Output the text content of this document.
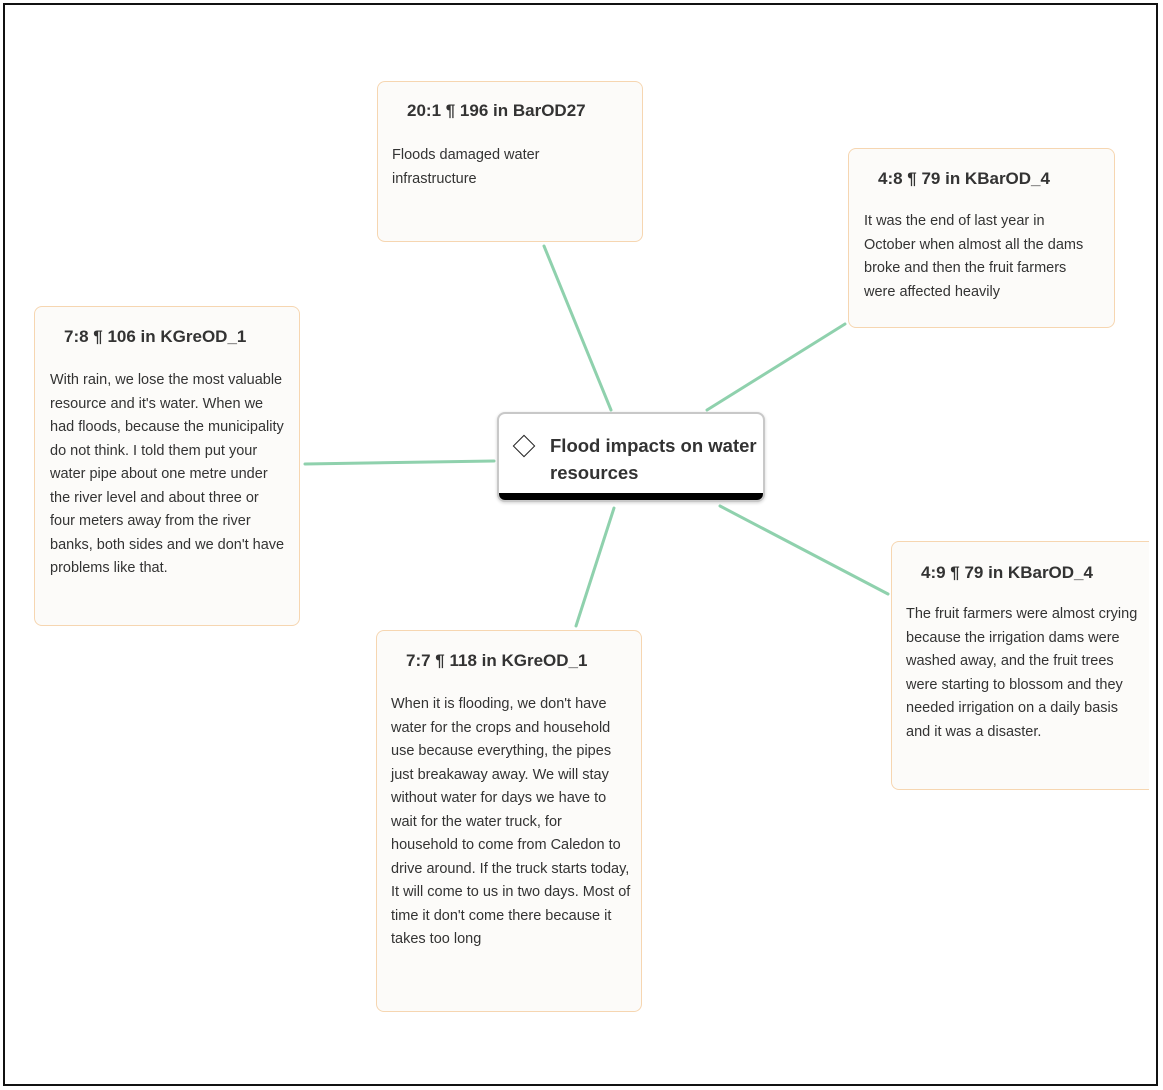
20:1 ¶ 196 in BarOD27
Floods damaged water infrastructure	4:8 ¶ 79 in KBarOD_4
It was the end of last year in October when almost all the dams broke and then the fruit farmers were affected heavily
7:8 ¶ 106 in KGreOD_1
With rain, we lose the most valuable resource and it's water. When we had floods, because the municipality do not think. I told them put your water pipe about one metre under the river level and about three or four meters away from the river banks, both sides and we don't have problems like that.
Flood impacts on water resources
4:9 ¶ 79 in KBarOD_4
The fruit farmers were almost crying because the irrigation dams were washed away, and the fruit trees were starting to blossom and they needed irrigation on a daily basis and it was a disaster.
7:7 ¶ 118 in KGreOD_1
When it is flooding, we don't have water for the crops and household use because everything, the pipes just breakaway away. We will stay without water for days we have to wait for the water truck, for household to come from Caledon to drive around. If the truck starts today, It will come to us in two days. Most of time it don't come there because it takes too long
